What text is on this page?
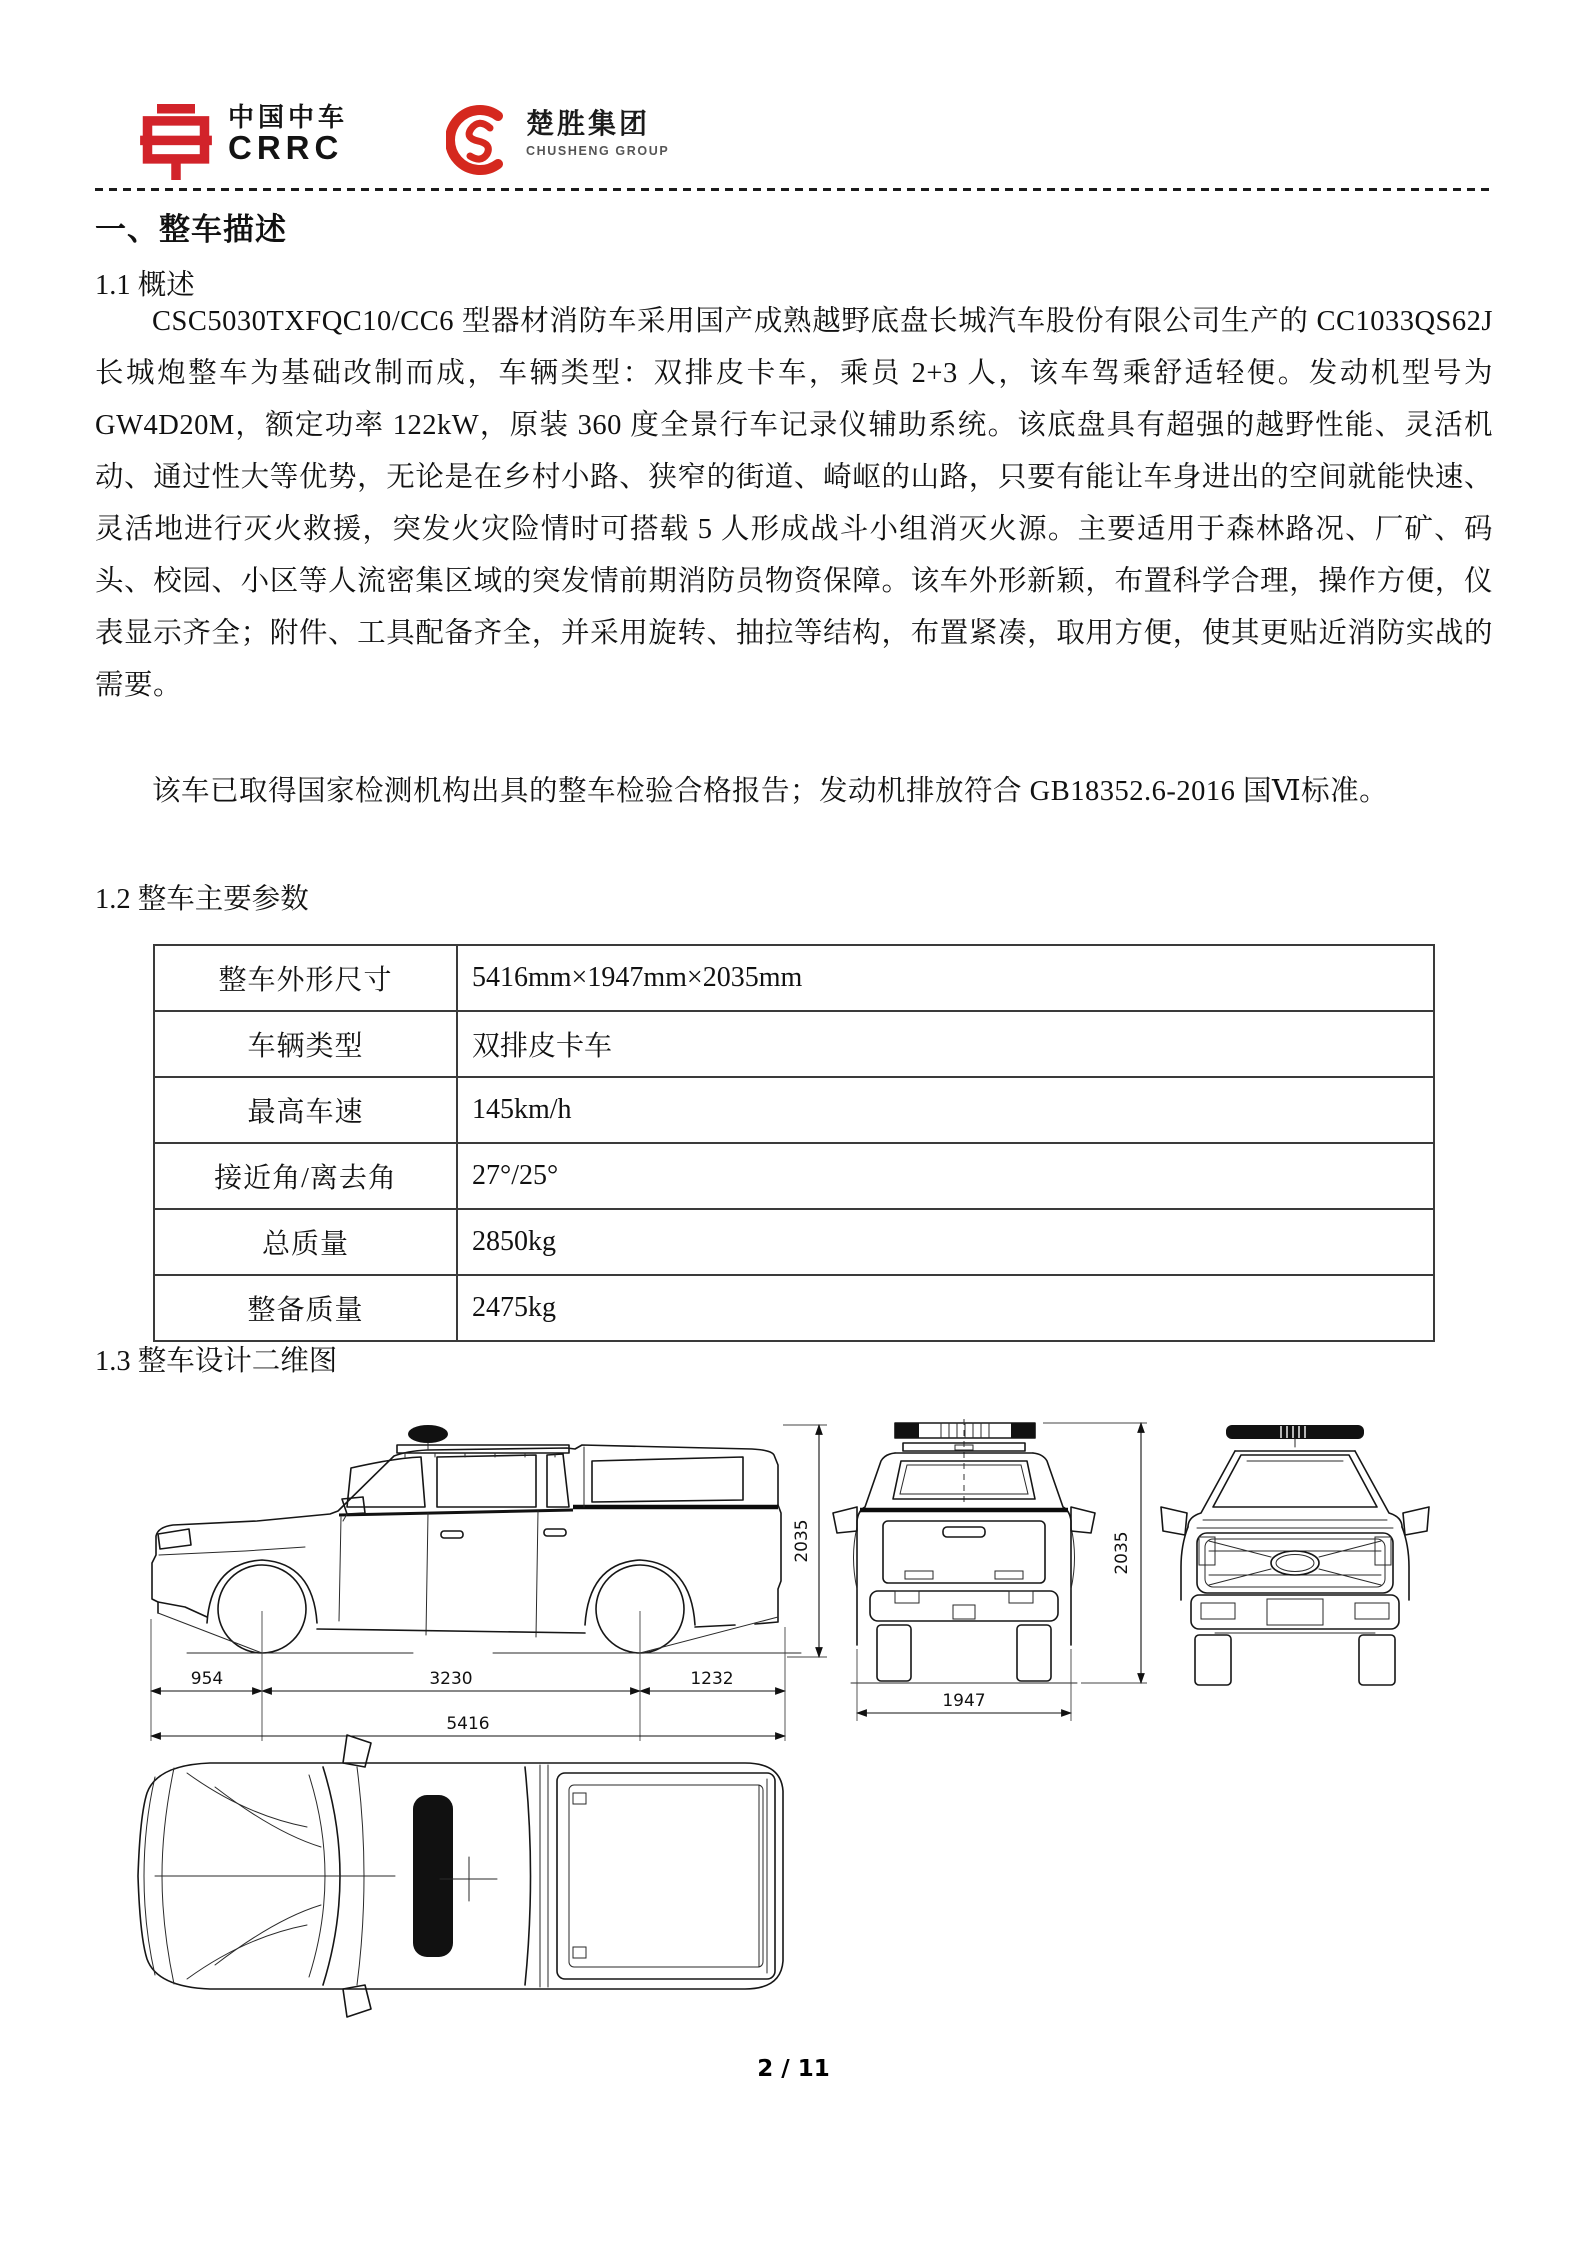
中国中车
CRRC
楚胜集团
CHUSHENG GROUP
一、整车描述
1.1 概述

CSC5030TXFQC10/CC6 型器材消防车采用国产成熟越野底盘长城汽车股份有限公司生产的 CC1033QS62J 长城炮整车为基础改制而成，车辆类型：双排皮卡车，乘员 2+3 人，该车驾乘舒适轻便。发动机型号为 GW4D20M，额定功率 122kW，原装 360 度全景行车记录仪辅助系统。该底盘具有超强的越野性能、灵活机动、通过性大等优势，无论是在乡村小路、狭窄的街道、崎岖的山路，只要有能让车身进出的空间就能快速、灵活地进行灭火救援，突发火灾险情时可搭载 5 人形成战斗小组消灭火源。主要适用于森林路况、厂矿、码头、校园、小区等人流密集区域的突发情前期消防员物资保障。该车外形新颖，布置科学合理，操作方便，仪表显示齐全；附件、工具配备齐全，并采用旋转、抽拉等结构，布置紧凑，取用方便，使其更贴近消防实战的需要。

该车已取得国家检测机构出具的整车检验合格报告；发动机排放符合 GB18352.6-2016 国Ⅵ标准。

1.2 整车主要参数
整车外形尺寸	5416mm×1947mm×2035mm
车辆类型	双排皮卡车
最高车速	145km/h
接近角/离去角	27°/25°
总质量	2850kg
整备质量	2475kg
1.3 整车设计二维图
954	3230	1232
5416
2035
1947
2035
2 / 11
